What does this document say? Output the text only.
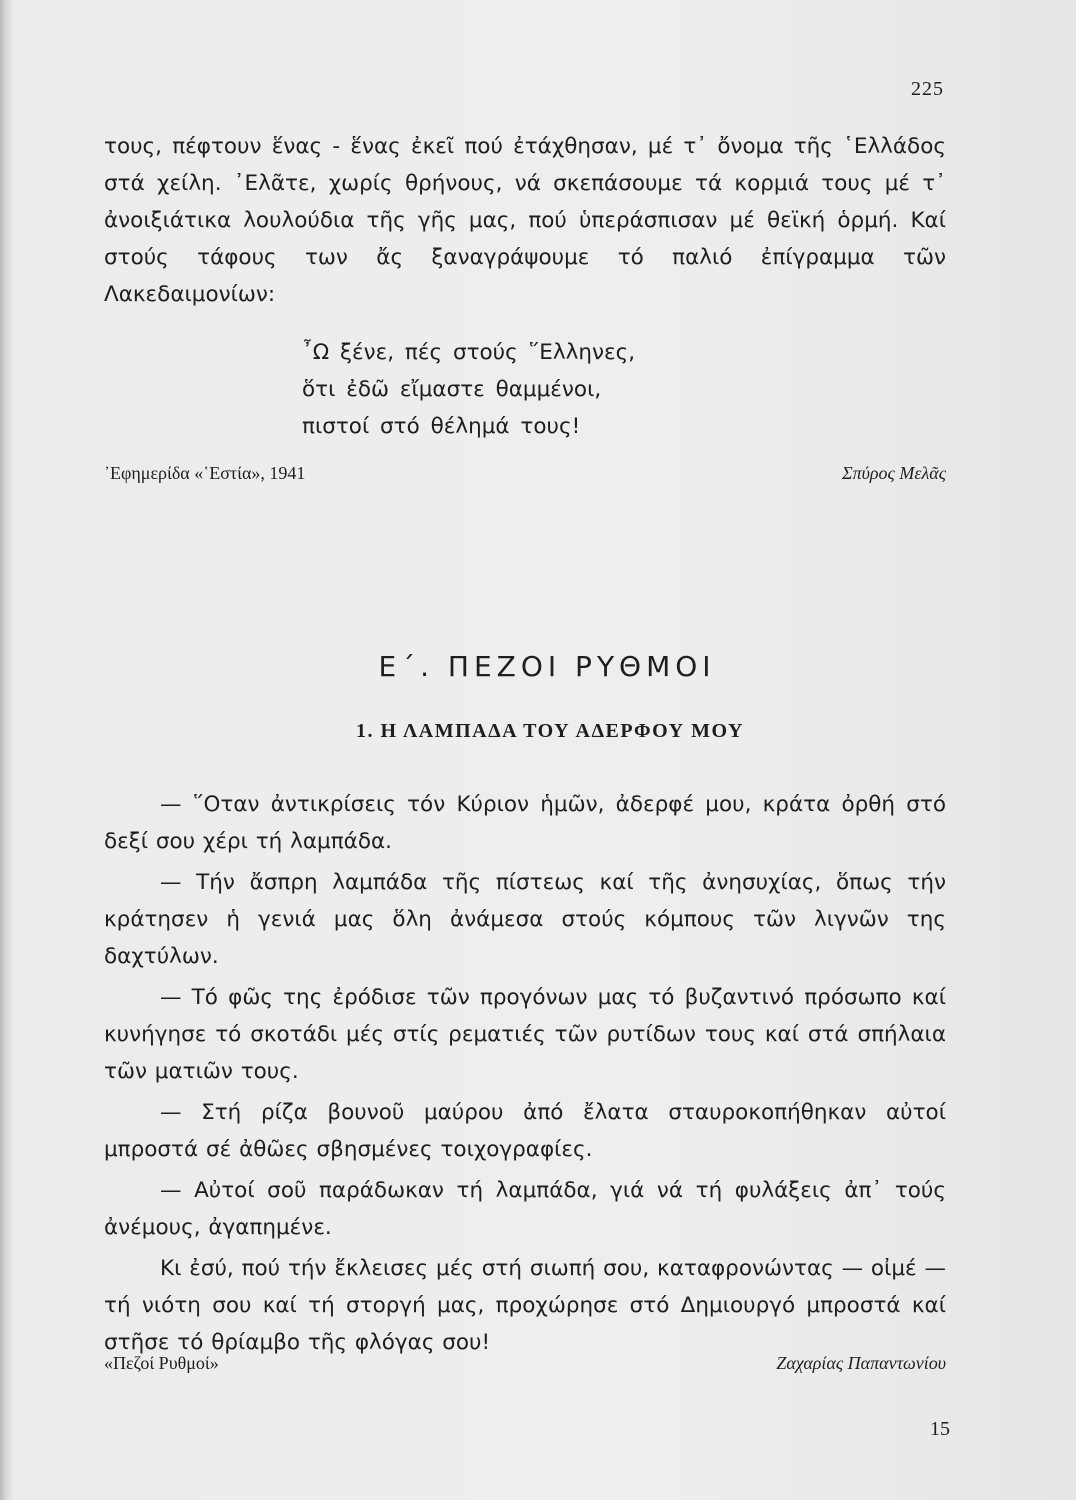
225

τους, πέφτουν ἕνας - ἕνας ἐκεῖ πού ἐτάχθησαν, μέ τ᾿ ὄνομα τῆς ῾Ελλάδος στά χείλη. ᾿Ελᾶτε, χωρίς θρήνους, νά σκεπάσουμε τά κορμιά τους μέ τ᾿ ἀνοιξιάτικα λουλούδια τῆς γῆς μας, πού ὑπεράσπισαν μέ θεϊκή ὁρμή. Καί στούς τάφους των ἄς ξαναγράψουμε τό παλιό ἐπίγραμμα τῶν Λακεδαιμονίων:

῏Ω ξένε, πές στούς ῞Ελληνες,
ὅτι ἐδῶ εἴμαστε θαμμένοι,
πιστοί στό θέλημά τους!
᾿Εφημερίδα «῾Εστία», 1941	Σπύρος Μελᾶς
Ε΄. ΠΕΖΟΙ ΡΥΘΜΟΙ
1. Η ΛΑΜΠΑΔΑ ΤΟΥ ΑΔΕΡΦΟΥ ΜΟΥ

— ῞Οταν ἀντικρίσεις τόν Κύριον ἡμῶν, ἀδερφέ μου, κράτα ὀρθή στό δεξί σου χέρι τή λαμπάδα.

— Τήν ἄσπρη λαμπάδα τῆς πίστεως καί τῆς ἀνησυχίας, ὅπως τήν κράτησεν ἡ γενιά μας ὅλη ἀνάμεσα στούς κόμπους τῶν λιγνῶν της δαχτύλων.

— Τό φῶς της ἐρόδισε τῶν προγόνων μας τό βυζαντινό πρόσωπο καί κυνήγησε τό σκοτάδι μές στίς ρεματιές τῶν ρυτίδων τους καί στά σπήλαια τῶν ματιῶν τους.

— Στή ρίζα βουνοῦ μαύρου ἀπό ἔλατα σταυροκοπήθηκαν αὐτοί μπροστά σέ ἀθῶες σβησμένες τοιχογραφίες.

— Αὐτοί σοῦ παράδωκαν τή λαμπάδα, γιά νά τή φυλάξεις ἀπ᾿ τούς ἀνέμους, ἀγαπημένε.

Κι ἐσύ, πού τήν ἔκλεισες μές στή σιωπή σου, καταφρονώντας — οἰμέ — τή νιότη σου καί τή στοργή μας, προχώρησε στό Δημιουργό μπροστά καί στῆσε τό θρίαμβο τῆς φλόγας σου!

«Πεζοί Ρυθμοί»	Ζαχαρίας Παπαντωνίου
15
